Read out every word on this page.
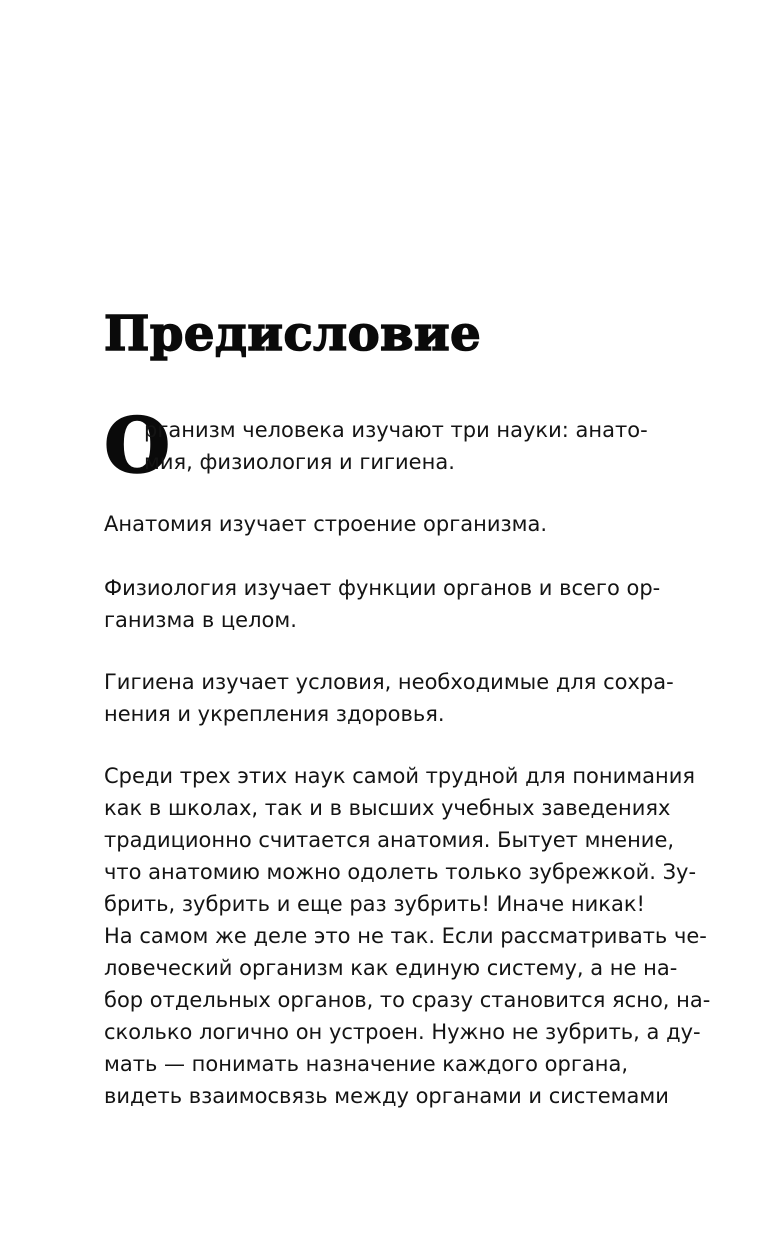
Предисловие
О
рганизм человека изучают три науки: анато-
мия, физиология и гигиена.
Анатомия изучает строение организма.
Физиология изучает функции органов и всего ор-
ганизма в целом.
Гигиена изучает условия, необходимые для сохра-
нения и укрепления здоровья.
Среди трех этих наук самой трудной для понимания
как в школах, так и в высших учебных заведениях
традиционно считается анатомия. Бытует мнение,
что анатомию можно одолеть только зубрежкой. Зу-
брить, зубрить и еще раз зубрить! Иначе никак!
На самом же деле это не так. Если рассматривать че-
ловеческий организм как единую систему, а не на-
бор отдельных органов, то сразу становится ясно, на-
сколько логично он устроен. Нужно не зубрить, а ду-
мать — понимать назначение каждого органа,
видеть взаимосвязь между органами и системами
